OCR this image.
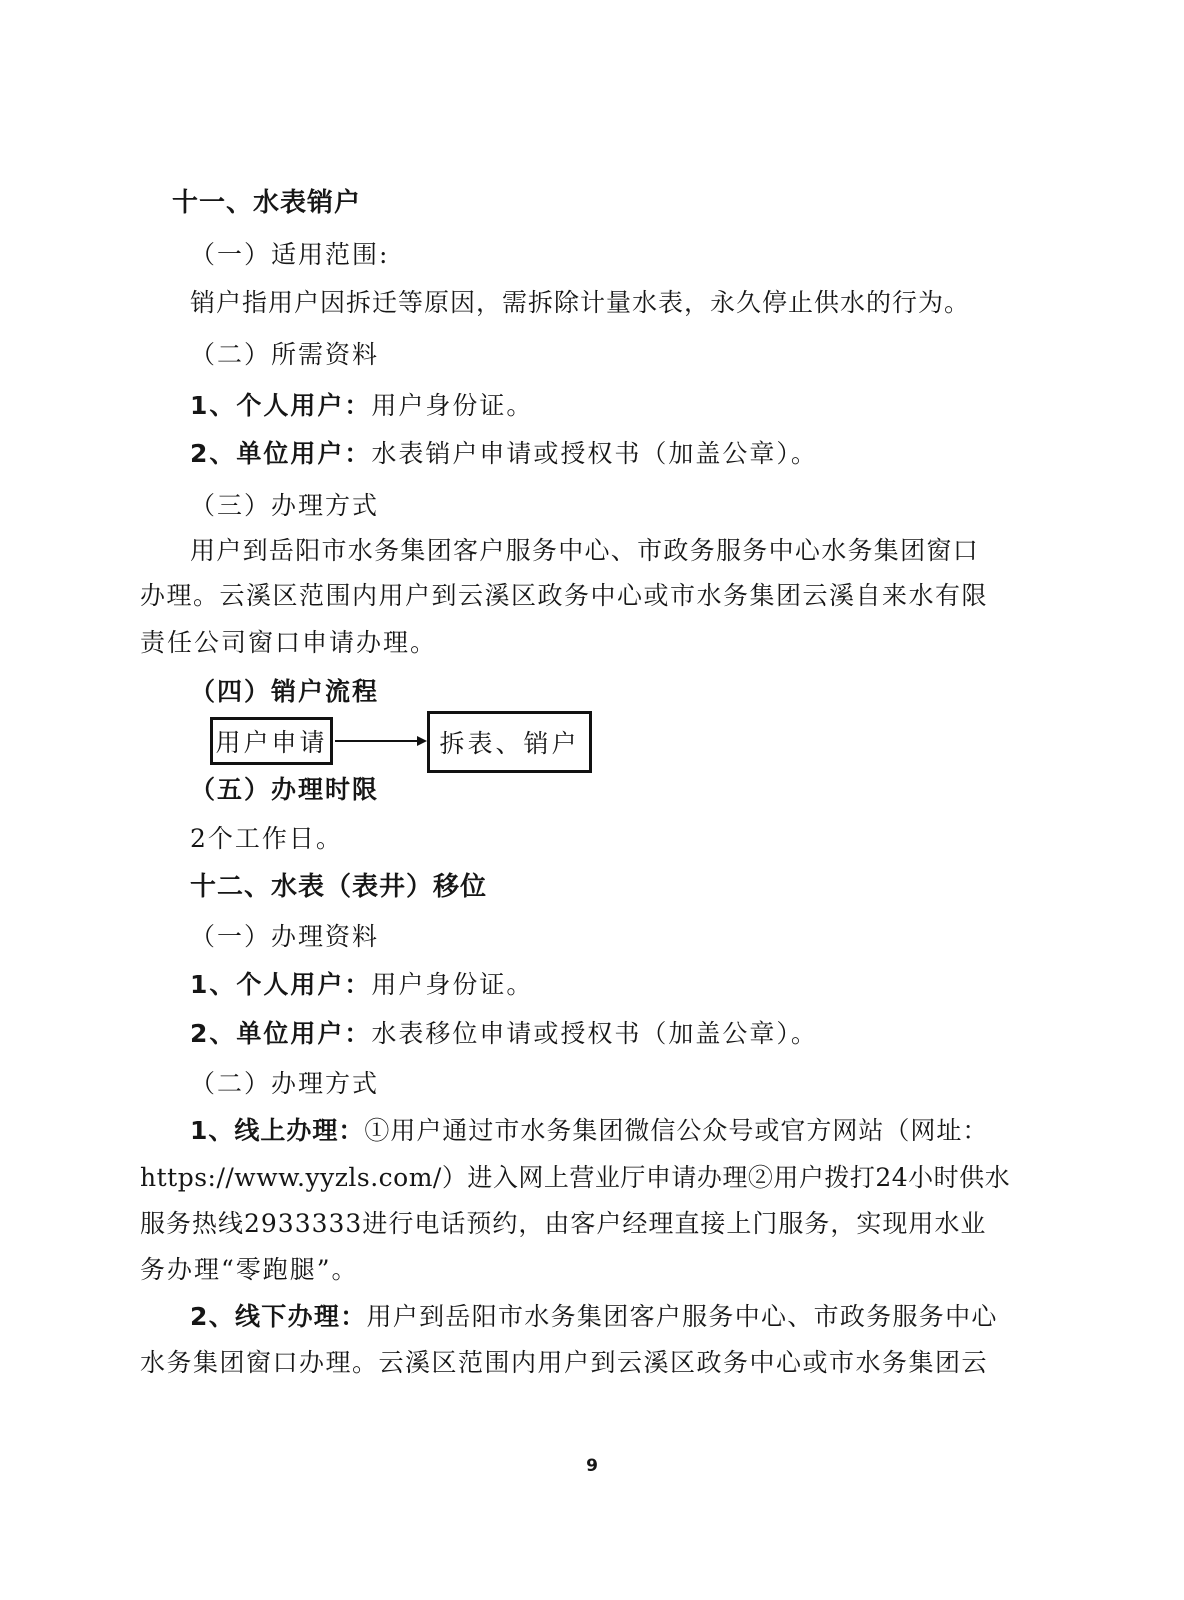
十一、水表销户
（一）适用范围:
销户指用户因拆迁等原因，需拆除计量水表，永久停止供水的行为。
（二）所需资料
1、个人用户：用户身份证。
2、单位用户：水表销户申请或授权书（加盖公章）。
（三）办理方式
用户到岳阳市水务集团客户服务中心、市政务服务中心水务集团窗口
办理。云溪区范围内用户到云溪区政务中心或市水务集团云溪自来水有限
责任公司窗口申请办理。
（四）销户流程
用户申请	拆表、销户
（五）办理时限
2个工作日。
十二、水表（表井）移位
（一）办理资料
1、个人用户：用户身份证。
2、单位用户：水表移位申请或授权书（加盖公章）。
（二）办理方式
1、线上办理：①用户通过市水务集团微信公众号或官方网站（网址：
https://www.yyzls.com/）进入网上营业厅申请办理②用户拨打24小时供水
服务热线2933333进行电话预约，由客户经理直接上门服务，实现用水业
务办理“零跑腿”。
2、线下办理：用户到岳阳市水务集团客户服务中心、市政务服务中心
水务集团窗口办理。云溪区范围内用户到云溪区政务中心或市水务集团云
9
